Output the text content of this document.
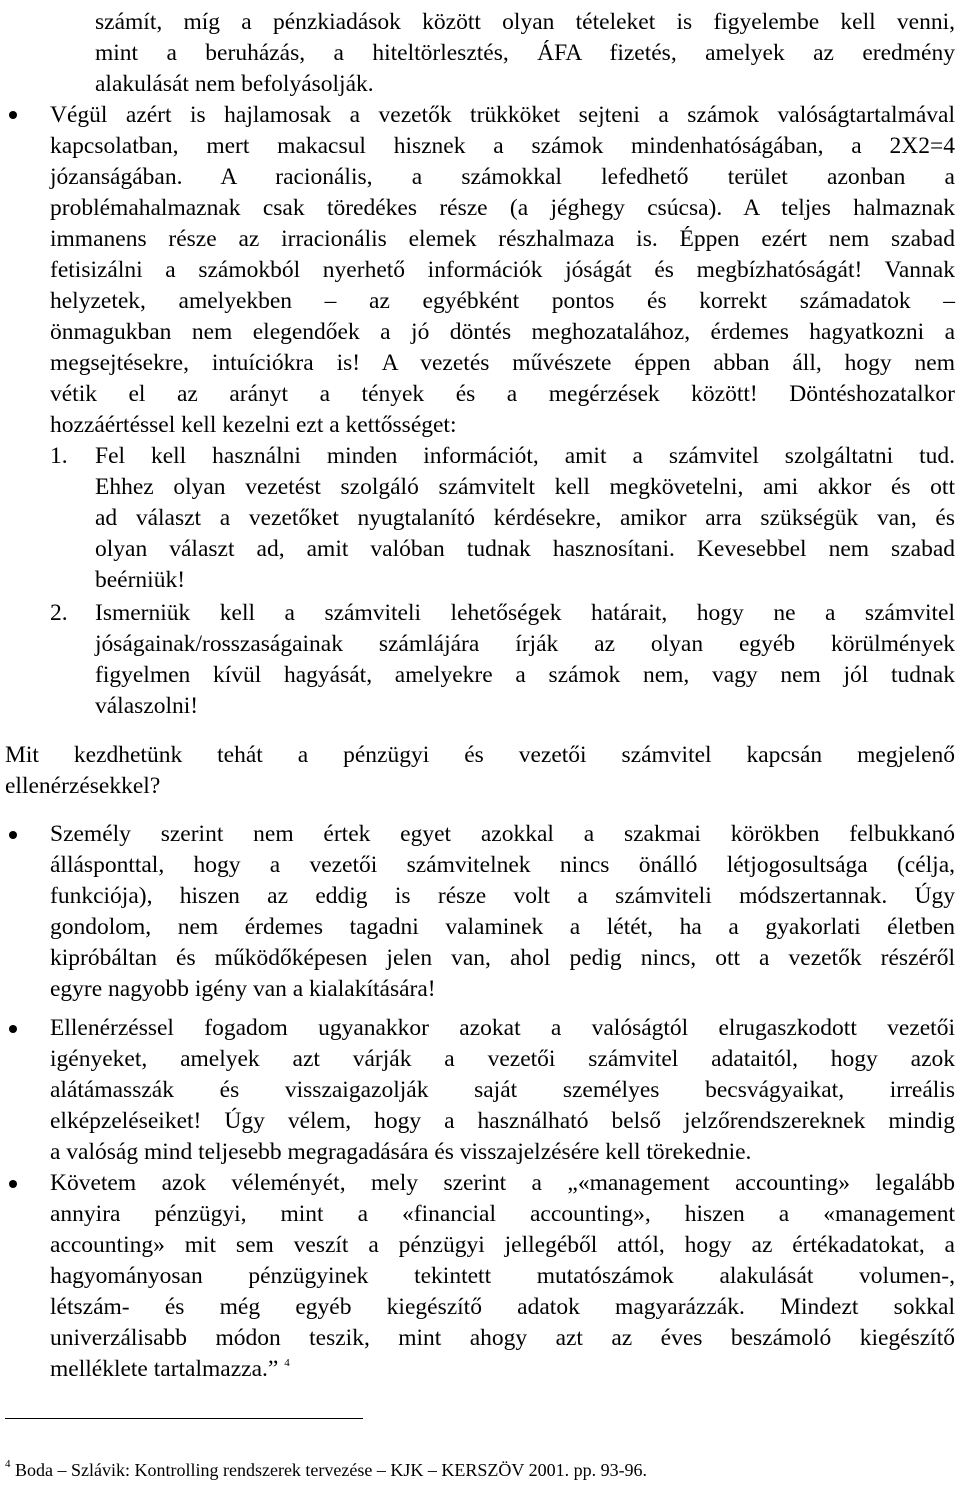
számít, míg a pénzkiadások között olyan tételeket is figyelembe kell venni,
mint a beruházás, a hiteltörlesztés, ÁFA fizetés, amelyek az eredmény
alakulását nem befolyásolják.
Végül azért is hajlamosak a vezetők trükköket sejteni a számok valóságtartalmával
kapcsolatban, mert makacsul hisznek a számok mindenhatóságában, a 2X2=4
józanságában. A racionális, a számokkal lefedhető terület azonban a
problémahalmaznak csak töredékes része (a jéghegy csúcsa). A teljes halmaznak
immanens része az irracionális elemek részhalmaza is. Éppen ezért nem szabad
fetisizálni a számokból nyerhető információk jóságát és megbízhatóságát! Vannak
helyzetek, amelyekben – az egyébként pontos és korrekt számadatok –
önmagukban nem elegendőek a jó döntés meghozatalához, érdemes hagyatkozni a
megsejtésekre, intuíciókra is! A vezetés művészete éppen abban áll, hogy nem
vétik el az arányt a tények és a megérzések között! Döntéshozatalkor
hozzáértéssel kell kezelni ezt a kettősséget:
Fel kell használni minden információt, amit a számvitel szolgáltatni tud.
Ehhez olyan vezetést szolgáló számvitelt kell megkövetelni, ami akkor és ott
ad választ a vezetőket nyugtalanító kérdésekre, amikor arra szükségük van, és
olyan választ ad, amit valóban tudnak hasznosítani. Kevesebbel nem szabad
beérniük!
Ismerniük kell a számviteli lehetőségek határait, hogy ne a számvitel
jóságainak/rosszaságainak számlájára írják az olyan egyéb körülmények
figyelmen kívül hagyását, amelyekre a számok nem, vagy nem jól tudnak
válaszolni!
Mit kezdhetünk tehát a pénzügyi és vezetői számvitel kapcsán megjelenő
ellenérzésekkel?
Személy szerint nem értek egyet azokkal a szakmai körökben felbukkanó
állásponttal, hogy a vezetői számvitelnek nincs önálló létjogosultsága (célja,
funkciója), hiszen az eddig is része volt a számviteli módszertannak. Úgy
gondolom, nem érdemes tagadni valaminek a létét, ha a gyakorlati életben
kipróbáltan és működőképesen jelen van, ahol pedig nincs, ott a vezetők részéről
egyre nagyobb igény van a kialakítására!
Ellenérzéssel fogadom ugyanakkor azokat a valóságtól elrugaszkodott vezetői
igényeket, amelyek azt várják a vezetői számvitel adataitól, hogy azok
alátámasszák és visszaigazolják saját személyes becsvágyaikat, irreális
elképzeléseiket! Úgy vélem, hogy a használható belső jelzőrendszereknek mindig
a valóság mind teljesebb megragadására és visszajelzésére kell törekednie.
Követem azok véleményét, mely szerint a „«management accounting» legalább
annyira pénzügyi, mint a «financial accounting», hiszen a «management
accounting» mit sem veszít a pénzügyi jellegéből attól, hogy az értékadatokat, a
hagyományosan pénzügyinek tekintett mutatószámok alakulását volumen-,
létszám- és még egyéb kiegészítő adatok magyarázzák. Mindezt sokkal
univerzálisabb módon teszik, mint ahogy azt az éves beszámoló kiegészítő
melléklete tartalmazza.” $^4$
1.
2.
$^4$ Boda – Szlávik: Kontrolling rendszerek tervezése – KJK – KERSZÖV 2001. pp. 93-96.
